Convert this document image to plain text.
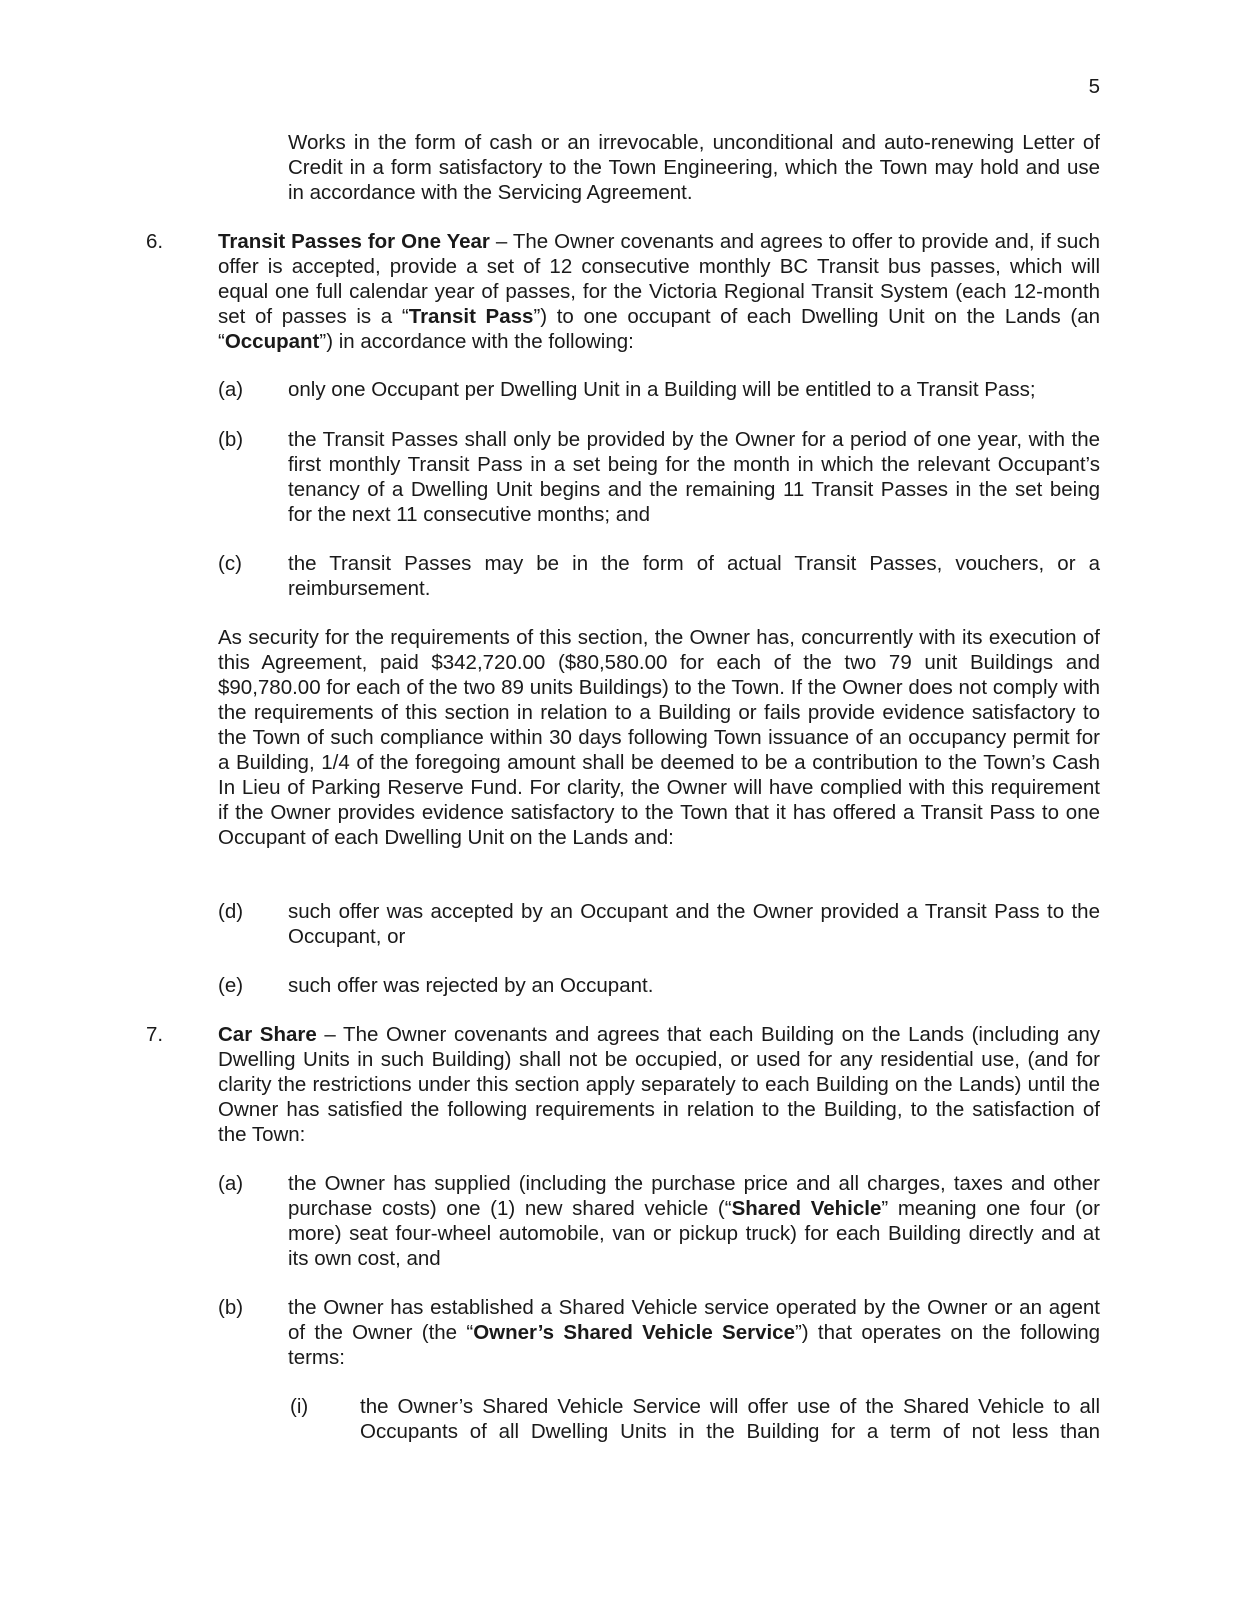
5
Works in the form of cash or an irrevocable, unconditional and auto-renewing Letter of Credit in a form satisfactory to the Town Engineering, which the Town may hold and use in accordance with the Servicing Agreement.
6.	Transit Passes for One Year – The Owner covenants and agrees to offer to provide and, if such offer is accepted, provide a set of 12 consecutive monthly BC Transit bus passes, which will equal one full calendar year of passes, for the Victoria Regional Transit System (each 12-month set of passes is a “Transit Pass”) to one occupant of each Dwelling Unit on the Lands (an “Occupant”) in accordance with the following:
(a) only one Occupant per Dwelling Unit in a Building will be entitled to a Transit Pass;
(b) the Transit Passes shall only be provided by the Owner for a period of one year, with the first monthly Transit Pass in a set being for the month in which the relevant Occupant’s tenancy of a Dwelling Unit begins and the remaining 11 Transit Passes in the set being for the next 11 consecutive months; and
(c) the Transit Passes may be in the form of actual Transit Passes, vouchers, or a reimbursement.
As security for the requirements of this section, the Owner has, concurrently with its execution of this Agreement, paid $342,720.00 ($80,580.00 for each of the two 79 unit Buildings and $90,780.00 for each of the two 89 units Buildings) to the Town. If the Owner does not comply with the requirements of this section in relation to a Building or fails provide evidence satisfactory to the Town of such compliance within 30 days following Town issuance of an occupancy permit for a Building, 1/4 of the foregoing amount shall be deemed to be a contribution to the Town’s Cash In Lieu of Parking Reserve Fund. For clarity, the Owner will have complied with this requirement if the Owner provides evidence satisfactory to the Town that it has offered a Transit Pass to one Occupant of each Dwelling Unit on the Lands and:
(d) such offer was accepted by an Occupant and the Owner provided a Transit Pass to the Occupant, or
(e) such offer was rejected by an Occupant.
7.	Car Share – The Owner covenants and agrees that each Building on the Lands (including any Dwelling Units in such Building) shall not be occupied, or used for any residential use, (and for clarity the restrictions under this section apply separately to each Building on the Lands) until the Owner has satisfied the following requirements in relation to the Building, to the satisfaction of the Town:
(a) the Owner has supplied (including the purchase price and all charges, taxes and other purchase costs) one (1) new shared vehicle (“Shared Vehicle” meaning one four (or more) seat four-wheel automobile, van or pickup truck) for each Building directly and at its own cost, and
(b) the Owner has established a Shared Vehicle service operated by the Owner or an agent of the Owner (the “Owner’s Shared Vehicle Service”) that operates on the following terms:
(i)	the Owner’s Shared Vehicle Service will offer use of the Shared Vehicle to all Occupants of all Dwelling Units in the Building for a term of not less than
